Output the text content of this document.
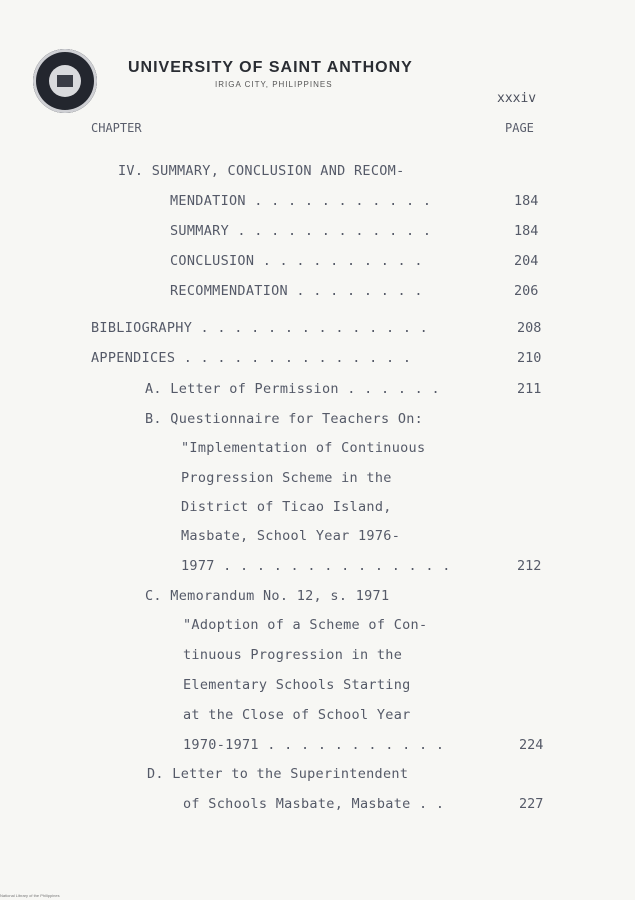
UNIVERSITY OF SAINT ANTHONY
IRIGA CITY, PHILIPPINES
xxxiv
CHAPTER	PAGE
IV. SUMMARY, CONCLUSION AND RECOM-
MENDATION . . . . . . . . . . .	184
SUMMARY . . . . . . . . . . . .	184
CONCLUSION . . . . . . . . . .	204
RECOMMENDATION . . . . . . . .	206
BIBLIOGRAPHY . . . . . . . . . . . . . .	208
APPENDICES . . . . . . . . . . . . . .	210
A. Letter of Permission . . . . . .	211
B. Questionnaire for Teachers On:
"Implementation of Continuous
Progression Scheme in the
District of Ticao Island,
Masbate, School Year 1976-
1977 . . . . . . . . . . . . . .	212
C. Memorandum No. 12, s. 1971
"Adoption of a Scheme of Con-
tinuous Progression in the
Elementary Schools Starting
at the Close of School Year
1970-1971 . . . . . . . . . . .	224
D. Letter to the Superintendent
of Schools Masbate, Masbate . .	227
National Library of the Philippines
